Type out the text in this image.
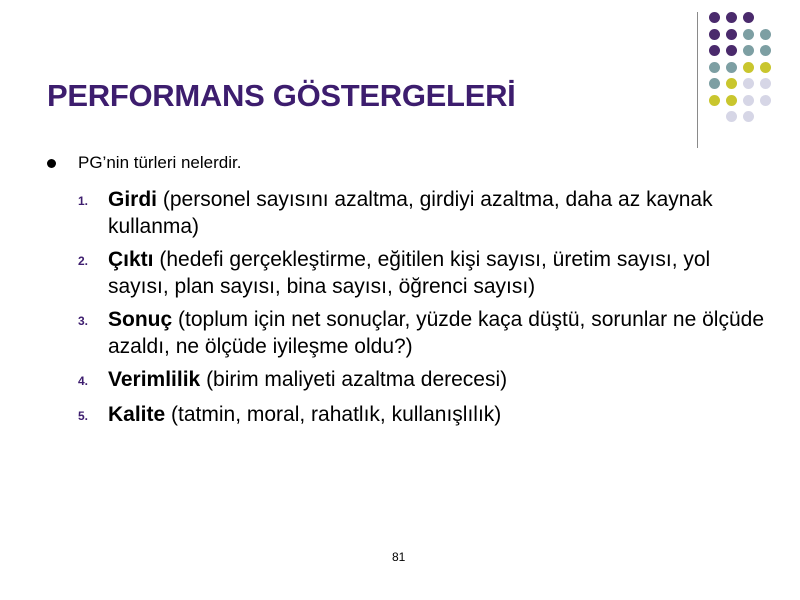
PERFORMANS GÖSTERGELERİ
PG’nin türleri nelerdir.
1. Girdi (personel sayısını azaltma, girdiyi azaltma, daha az kaynak kullanma)
2. Çıktı (hedefi gerçekleştirme, eğitilen kişi sayısı, üretim sayısı, yol sayısı, plan sayısı, bina sayısı, öğrenci sayısı)
3. Sonuç (toplum için net sonuçlar, yüzde kaça düştü, sorunlar ne ölçüde azaldı, ne ölçüde iyileşme oldu?)
4. Verimlilik (birim maliyeti azaltma derecesi)
5. Kalite (tatmin, moral, rahatlık, kullanışlılık)
81
